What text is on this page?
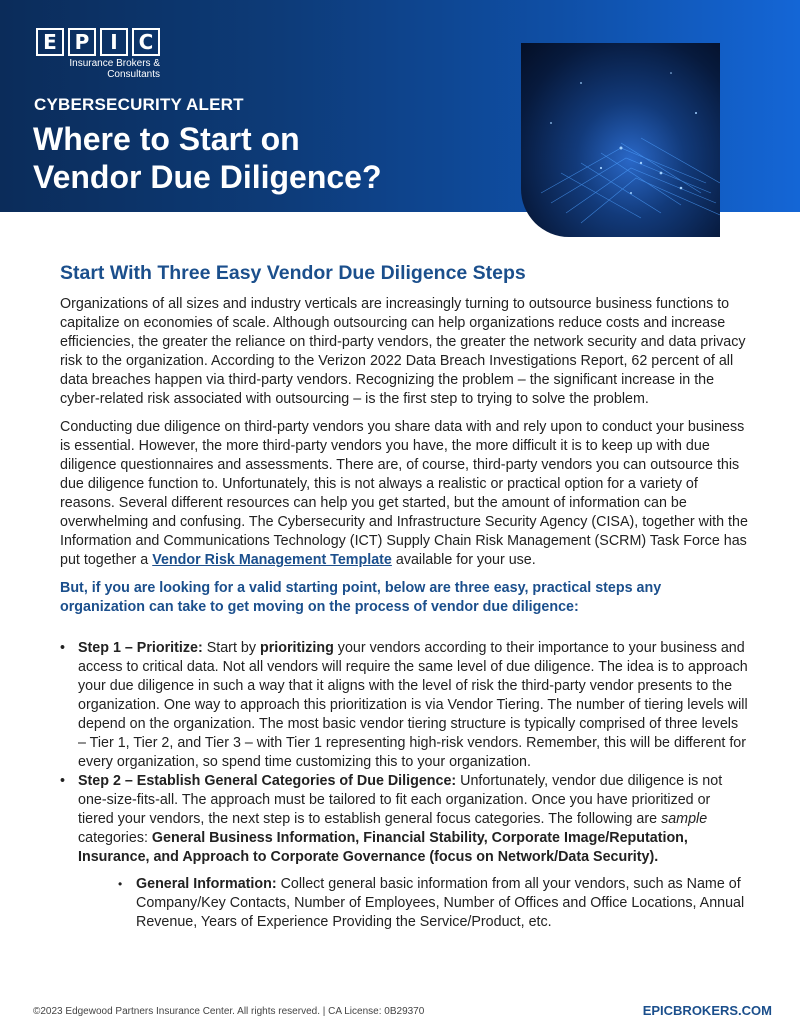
E P	I	C
Insurance Brokers &
Consultants
CYBERSECURITY ALERT
Where to Start on
Vendor Due Diligence?
Start With Three Easy Vendor Due Diligence Steps

Organizations of all sizes and industry verticals are increasingly turning to outsource business functions to capitalize on economies of scale. Although outsourcing can help organizations reduce costs and increase efficiencies, the greater the reliance on third-party vendors, the greater the network security and data privacy risk to the organization. According to the Verizon 2022 Data Breach Investigations Report, 62 percent of all data breaches happen via third-party vendors. Recognizing the problem – the significant increase in the cyber-related risk associated with outsourcing – is the first step to trying to solve the problem.

Conducting due diligence on third-party vendors you share data with and rely upon to conduct your business is essential. However, the more third-party vendors you have, the more difficult it is to keep up with due diligence questionnaires and assessments. There are, of course, third-party vendors you can outsource this due diligence function to. Unfortunately, this is not always a realistic or practical option for a variety of reasons. Several different resources can help you get started, but the amount of information can be overwhelming and confusing. The Cybersecurity and Infrastructure Security Agency (CISA), together with the Information and Communications Technology (ICT) Supply Chain Risk Management (SCRM) Task Force has put together a Vendor Risk Management Template available for your use.

But, if you are looking for a valid starting point, below are three easy, practical steps any organization can take to get moving on the process of vendor due diligence:

• Step 1 – Prioritize: Start by prioritizing your vendors according to their importance to your business and access to critical data. Not all vendors will require the same level of due diligence. The idea is to approach your due diligence in such a way that it aligns with the level of risk the third-party vendor presents to the organization. One way to approach this prioritization is via Vendor Tiering. The number of tiering levels will depend on the organization. The most basic vendor tiering structure is typically comprised of three levels – Tier 1, Tier 2, and Tier 3 – with Tier 1 representing high-risk vendors. Remember, this will be different for every organization, so spend time customizing this to your organization.
• Step 2 – Establish General Categories of Due Diligence: Unfortunately, vendor due diligence is not one-size-fits-all. The approach must be tailored to fit each organization. Once you have prioritized or tiered your vendors, the next step is to establish general focus categories. The following are sample categories: General Business Information, Financial Stability, Corporate Image/Reputation, Insurance, and Approach to Corporate Governance (focus on Network/Data Security).
• General Information: Collect general basic information from all your vendors, such as Name of Company/Key Contacts, Number of Employees, Number of Offices and Office Locations, Annual Revenue, Years of Experience Providing the Service/Product, etc.
©2023 Edgewood Partners Insurance Center. All rights reserved. | CA License: 0B29370	EPICBROKERS.COM
